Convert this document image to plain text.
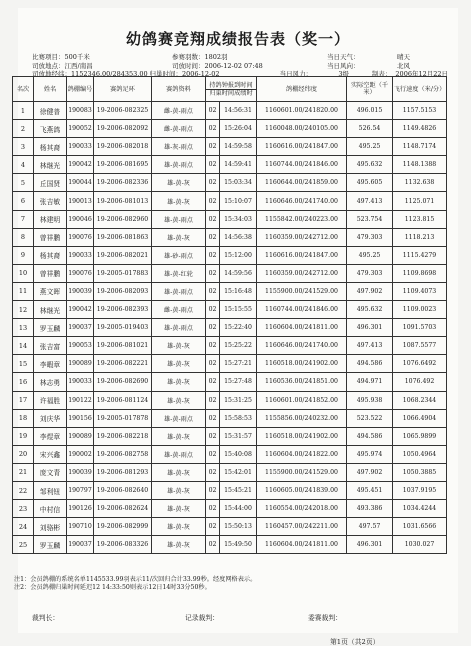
幼鸽赛竞翔成绩报告表（奖一）
比赛项目：500千米	参赛羽数：1802羽	当日天气：	晴天
司放地点：江西/南昌	司放时间：2006-12-02 07:48	当日风向：	北风
司放地经纬：1152346.00/284353.00 归巢时间：2006-12-02	当日风力：	3级	制表： 2006年12月22日
名次	姓名	鸽棚编号	赛鸽足环	赛鸽资料	持鸽钟报到时间
归巢时间成绩时		鸽棚经纬度	实际空距（千米）	飞行速度（米/分）
1	徐健普	190083	19-2006-082325	雌-黄-雨点	02	14:56:31	1160601.00/241820.00	496.015	1157.5153
2	飞燕鸽	190052	19-2006-082092	雌-黄-雨点	02	15:26:04	1160048.00/240105.00	526.54	1149.4826
3	杨其裔	190033	19-2006-082018	雄-灰-雨点	02	14:59:58	1160616.00/241847.00	495.25	1148.7174
4	林继光	190042	19-2006-081695	雄-黄-雨点	02	14:59:41	1160744.00/241846.00	495.632	1148.1388
5	丘国贤	190044	19-2006-082336	雄-黄-灰	02	15:03:34	1160644.00/241859.00	495.605	1132.638
6	张吉敏	190013	19-2006-081013	雄-黄-灰	02	15:10:07	1160646.00/241740.00	497.413	1125.071
7	林建明	190046	19-2006-082960	雄-黄-雨点	02	15:34:03	1155842.00/240223.00	523.754	1123.815
8	曾祥鹏	190076	19-2006-081863	雄-黄-灰	02	14:56:38	1160359.00/242712.00	479.303	1118.213
9	杨其裔	190033	19-2006-082021	雄-砂-雨点	02	15:12:00	1160616.00/241847.00	495.25	1115.4279
10	曾祥鹏	190076	19-2005-017883	雄-黄-红轮	02	14:59:56	1160359.00/242712.00	479.303	1109.8698
11	燕文晖	190039	19-2006-082093	雄-黄-雨点	02	15:16:48	1155900.00/241529.00	497.902	1109.4073
12	林继光	190042	19-2006-082393	雌-黄-雨点	02	15:15:55	1160744.00/241846.00	495.632	1109.0023
13	罗玉麟	190037	19-2005-019403	雄-黄-雨点	02	15:22:40	1160604.00/241811.00	496.301	1091.5703
14	张吉富	190053	19-2006-081021	雄-黄-灰	02	15:25:22	1160646.00/241740.00	497.413	1087.5577
15	李暇章	190089	19-2006-082221	雄-黄-灰	02	15:27:21	1160518.00/241902.00	494.586	1076.6492
16	林志勇	190033	19-2006-082690	雄-黄-灰	02	15:27:48	1160536.00/241851.00	494.971	1076.492
17	许福胜	190122	19-2006-081124	雄-黄-灰	02	15:31:25	1160601.00/241852.00	495.938	1068.2344
18	刘庆华	190156	19-2005-017878	雄-黄-雨点	02	15:58:53	1155856.00/240232.00	523.522	1066.4904
19	李煜章	190089	19-2006-082218	雄-黄-灰	02	15:31:57	1160518.00/241902.00	494.586	1065.9899
20	宋兴鑫	190002	19-2006-082758	雄-黄-雨点	02	15:40:08	1160604.00/241822.00	495.974	1050.4964
21	庞文青	190039	19-2006-081293	雄-黄-灰	02	15:42:01	1155900.00/241529.00	497.902	1050.3885
22	邹利钮	190797	19-2006-082640	雄-黄-灰	02	15:45:21	1160605.00/241839.00	495.451	1037.9195
23	中村信	190126	19-2006-082624	雄-黄-灰	02	15:44:00	1160554.00/242018.00	493.386	1034.4244
24	刘骆彬	190710	19-2006-082999	雄-黄-灰	02	15:50:13	1160457.00/242211.00	497.57	1031.6566
25	罗玉麟	190037	19-2006-083326	雄-黄-灰	02	15:49:50	1160604.00/241811.00	496.301	1030.027
注1：会员鸽棚的系统名单1145533.99羽表示11/次回归合计33.99秒。经度网格表示。
注2：会员鸽棚归巢时间延迟12 14:33:50则表示12日14时33分50秒。
裁判长：	记录裁判：	委赛裁判：
第1页（共2页）
